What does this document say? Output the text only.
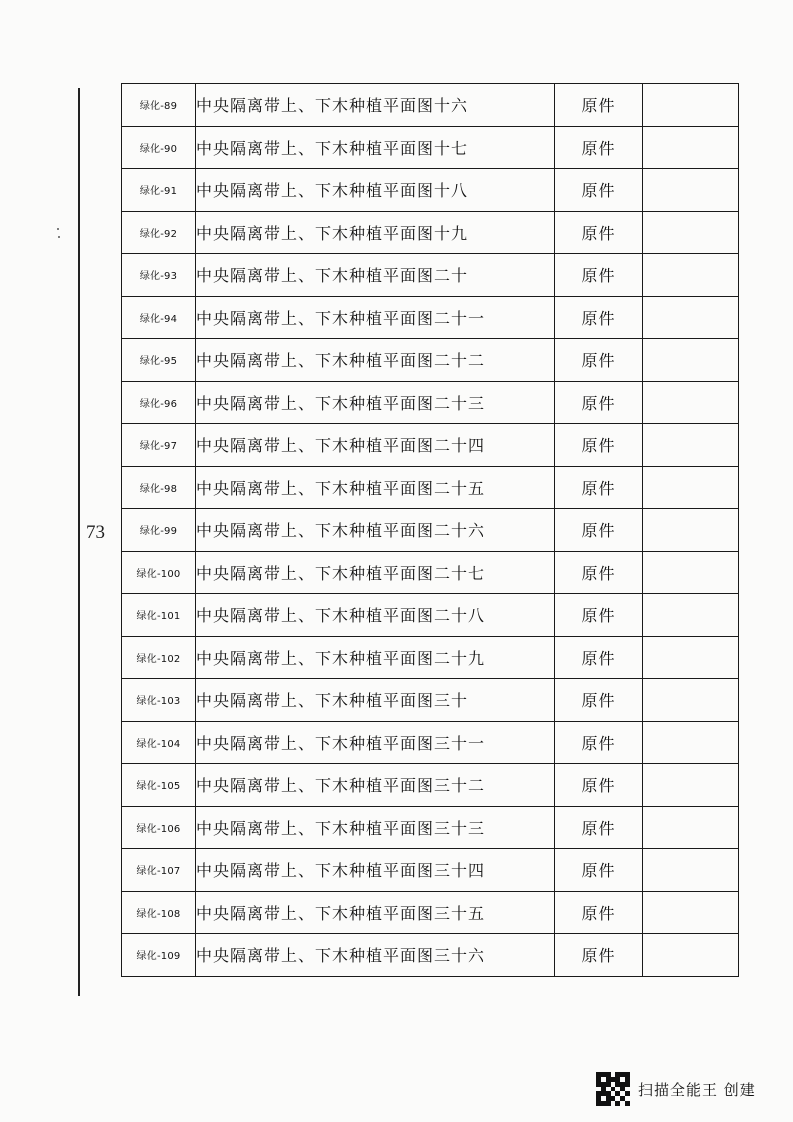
73
绿化-89	中央隔离带上、下木种植平面图十六	原件	
绿化-90	中央隔离带上、下木种植平面图十七	原件	
绿化-91	中央隔离带上、下木种植平面图十八	原件	
绿化-92	中央隔离带上、下木种植平面图十九	原件	
绿化-93	中央隔离带上、下木种植平面图二十	原件	
绿化-94	中央隔离带上、下木种植平面图二十一	原件	
绿化-95	中央隔离带上、下木种植平面图二十二	原件	
绿化-96	中央隔离带上、下木种植平面图二十三	原件	
绿化-97	中央隔离带上、下木种植平面图二十四	原件	
绿化-98	中央隔离带上、下木种植平面图二十五	原件	
绿化-99	中央隔离带上、下木种植平面图二十六	原件	
绿化-100	中央隔离带上、下木种植平面图二十七	原件	
绿化-101	中央隔离带上、下木种植平面图二十八	原件	
绿化-102	中央隔离带上、下木种植平面图二十九	原件	
绿化-103	中央隔离带上、下木种植平面图三十	原件	
绿化-104	中央隔离带上、下木种植平面图三十一	原件	
绿化-105	中央隔离带上、下木种植平面图三十二	原件	
绿化-106	中央隔离带上、下木种植平面图三十三	原件	
绿化-107	中央隔离带上、下木种植平面图三十四	原件	
绿化-108	中央隔离带上、下木种植平面图三十五	原件	
绿化-109	中央隔离带上、下木种植平面图三十六	原件	
扫描全能王 创建
